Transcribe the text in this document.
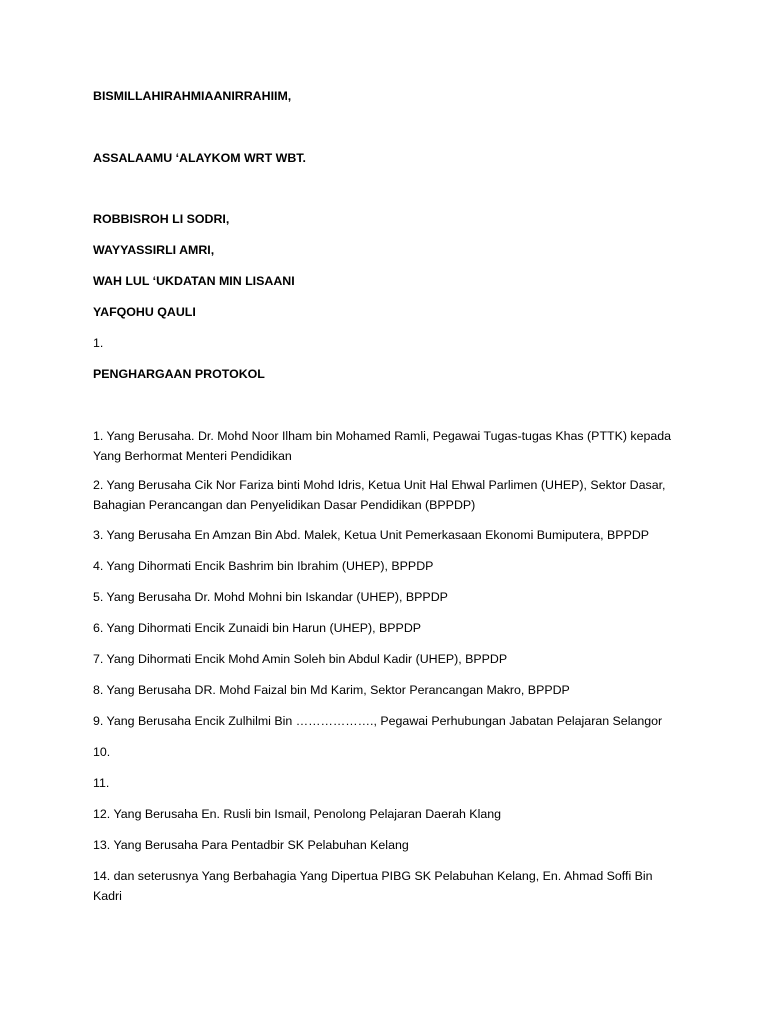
BISMILLAHIRAHMIAANIRRAHIIM,
ASSALAAMU ‘ALAYKOM WRT WBT.
ROBBISROH LI SODRI,
WAYYASSIRLI AMRI,
WAH LUL ‘UKDATAN MIN LISAANI
YAFQOHU QAULI
1.
PENGHARGAAN PROTOKOL
1. Yang Berusaha. Dr. Mohd Noor Ilham bin Mohamed Ramli, Pegawai Tugas-tugas Khas (PTTK) kepada Yang Berhormat Menteri Pendidikan
2. Yang Berusaha Cik Nor Fariza binti Mohd Idris, Ketua Unit Hal Ehwal Parlimen (UHEP), Sektor Dasar, Bahagian Perancangan dan Penyelidikan Dasar Pendidikan (BPPDP)
3. Yang Berusaha En Amzan Bin Abd. Malek, Ketua Unit Pemerkasaan Ekonomi Bumiputera, BPPDP
4. Yang Dihormati Encik Bashrim bin Ibrahim (UHEP), BPPDP
5. Yang Berusaha Dr. Mohd Mohni bin Iskandar (UHEP), BPPDP
6. Yang Dihormati Encik Zunaidi bin Harun (UHEP), BPPDP
7. Yang Dihormati Encik Mohd Amin Soleh bin Abdul Kadir (UHEP), BPPDP
8. Yang Berusaha DR. Mohd Faizal bin Md Karim, Sektor Perancangan Makro, BPPDP
9. Yang Berusaha Encik Zulhilmi Bin ………………., Pegawai Perhubungan Jabatan Pelajaran Selangor
10.
11.
12. Yang Berusaha En. Rusli bin Ismail, Penolong Pelajaran Daerah Klang
13. Yang Berusaha Para Pentadbir SK Pelabuhan Kelang
14. dan seterusnya Yang Berbahagia Yang Dipertua PIBG SK Pelabuhan Kelang, En. Ahmad Soffi Bin Kadri
